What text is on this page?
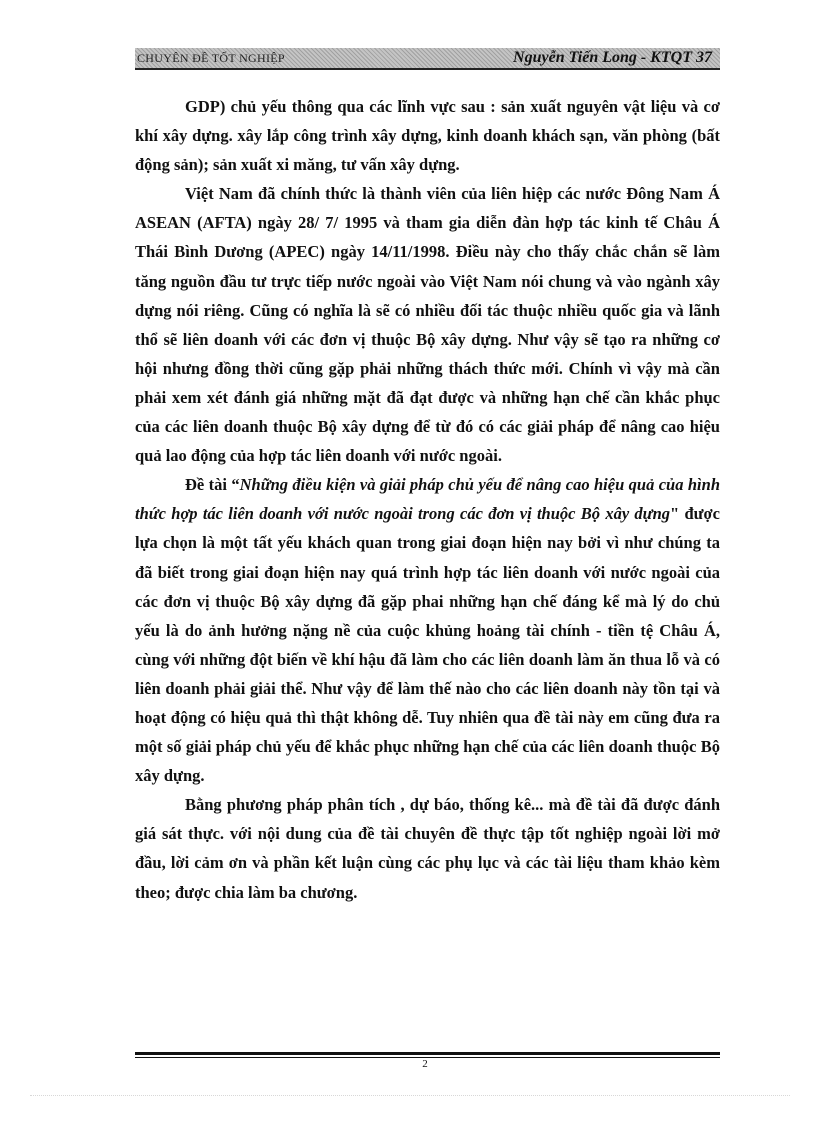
CHUYÊN ĐỀ TỐT NGHIỆP	Nguyễn Tiến Long - KTQT 37

GDP) chủ yếu thông qua các lĩnh vực sau : sản xuất nguyên vật liệu và cơ khí xây dựng. xây lắp công trình xây dựng, kinh doanh khách sạn, văn phòng (bất động sản); sản xuất xi măng, tư vấn xây dựng.

Việt Nam đã chính thức là thành viên của liên hiệp các nước Đông Nam Á ASEAN (AFTA) ngày 28/ 7/ 1995 và tham gia diễn đàn hợp tác kinh tế Châu Á Thái Bình Dương (APEC) ngày 14/11/1998. Điều này cho thấy chắc chắn sẽ làm tăng nguồn đầu tư trực tiếp nước ngoài vào Việt Nam nói chung và vào ngành xây dựng nói riêng. Cũng có nghĩa là sẽ có nhiều đối tác thuộc nhiều quốc gia và lãnh thổ sẽ liên doanh với các đơn vị thuộc Bộ xây dựng. Như vậy sẽ tạo ra những cơ hội nhưng đồng thời cũng gặp phải những thách thức mới. Chính vì vậy mà cần phải xem xét đánh giá những mặt đã đạt được và những hạn chế cần khắc phục của các liên doanh thuộc Bộ xây dựng để từ đó có các giải pháp để nâng cao hiệu quả lao động của hợp tác liên doanh với nước ngoài.

Đề tài “Những điều kiện và giải pháp chủ yếu để nâng cao hiệu quả của hình thức hợp tác liên doanh với nước ngoài trong các đơn vị thuộc Bộ xây dựng" được lựa chọn là một tất yếu khách quan trong giai đoạn hiện nay bởi vì như chúng ta đã biết trong giai đoạn hiện nay quá trình hợp tác liên doanh với nước ngoài của các đơn vị thuộc Bộ xây dựng đã gặp phai những hạn chế đáng kể mà lý do chủ yếu là do ảnh hưởng nặng nề của cuộc khủng hoảng tài chính - tiền tệ Châu Á, cùng với những đột biến về khí hậu đã làm cho các liên doanh làm ăn thua lỗ và có liên doanh phải giải thể. Như vậy để làm thế nào cho các liên doanh này tồn tại và hoạt động có hiệu quả thì thật không dễ. Tuy nhiên qua đề tài này em cũng đưa ra một số giải pháp chủ yếu để khắc phục những hạn chế của các liên doanh thuộc Bộ xây dựng.

Bằng phương pháp phân tích , dự báo, thống kê... mà đề tài đã được đánh giá sát thực. với nội dung của đề tài chuyên đề thực tập tốt nghiệp ngoài lời mở đầu, lời cảm ơn và phần kết luận cùng các phụ lục và các tài liệu tham khảo kèm theo; được chia làm ba chương.

2
